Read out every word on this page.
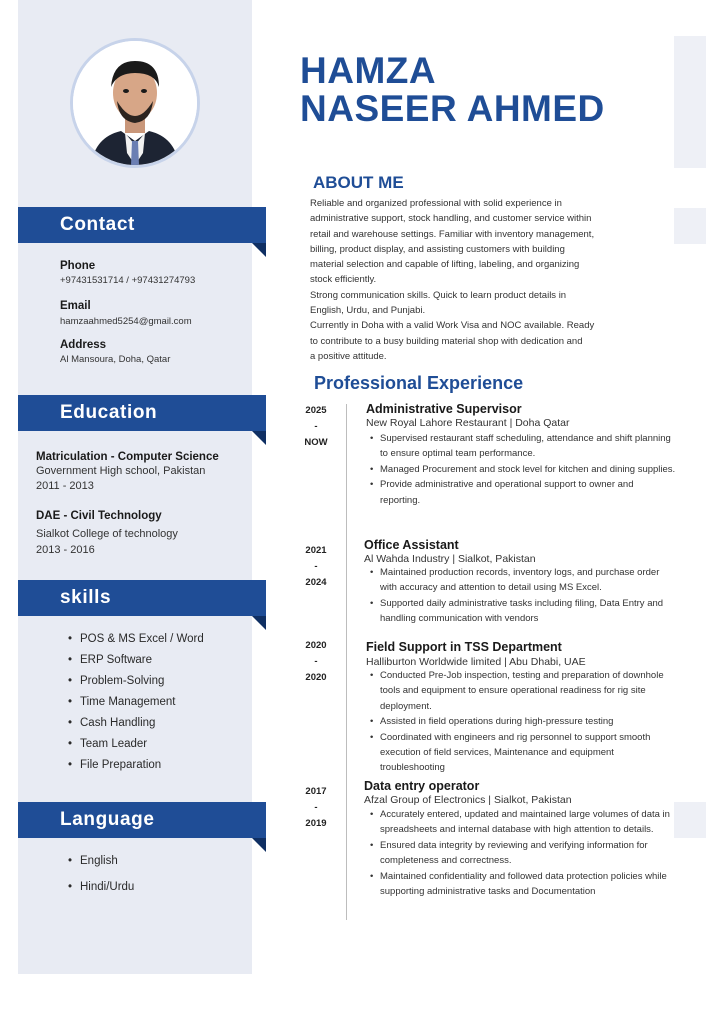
Contact
Phone
+97431531714 / +97431274793
Email
hamzaahmed5254@gmail.com
Address
Al Mansoura, Doha, Qatar
Education
Matriculation - Computer Science
Government High school, Pakistan
2011 - 2013
DAE - Civil Technology
Sialkot College of technology
2013 - 2016
skills
• POS & MS Excel / Word
• ERP Software
• Problem-Solving
• Time Management
• Cash Handling
• Team Leader
• File Preparation
Language
• English
• Hindi/Urdu
HAMZA
NASEER AHMED
ABOUT ME
Reliable and organized professional with solid experience in
administrative support, stock handling, and customer service within
retail and warehouse settings. Familiar with inventory management,
billing, product display, and assisting customers with building
material selection and capable of lifting, labeling, and organizing
stock efficiently.
Strong communication skills. Quick to learn product details in
English, Urdu, and Punjabi.
Currently in Doha with a valid Work Visa and NOC available. Ready
to contribute to a busy building material shop with dedication and
a positive attitude.
Professional Experience
2025
-
NOW
Administrative Supervisor
New Royal Lahore Restaurant | Doha Qatar
• Supervised restaurant staff scheduling, attendance and shift planning to ensure optimal team performance.
• Managed Procurement and stock level for kitchen and dining supplies.
• Provide administrative and operational support to owner and reporting.
2021
-
2024
Office Assistant
Al Wahda Industry | Sialkot, Pakistan
• Maintained production records, inventory logs, and purchase order with accuracy and attention to detail using MS Excel.
• Supported daily administrative tasks including filing, Data Entry and handling communication with vendors
2020
-
2020
Field Support in TSS Department
Halliburton Worldwide limited | Abu Dhabi, UAE
• Conducted Pre-Job inspection, testing and preparation of downhole tools and equipment to ensure operational readiness for rig site deployment.
• Assisted in field operations during high-pressure testing
• Coordinated with engineers and rig personnel to support smooth execution of field services, Maintenance and equipment troubleshooting
2017
-
2019
Data entry operator
Afzal Group of Electronics | Sialkot, Pakistan
• Accurately entered, updated and maintained large volumes of data in spreadsheets and internal database with high attention to details.
• Ensured data integrity by reviewing and verifying information for completeness and correctness.
• Maintained confidentiality and followed data protection policies while supporting administrative tasks and Documentation
